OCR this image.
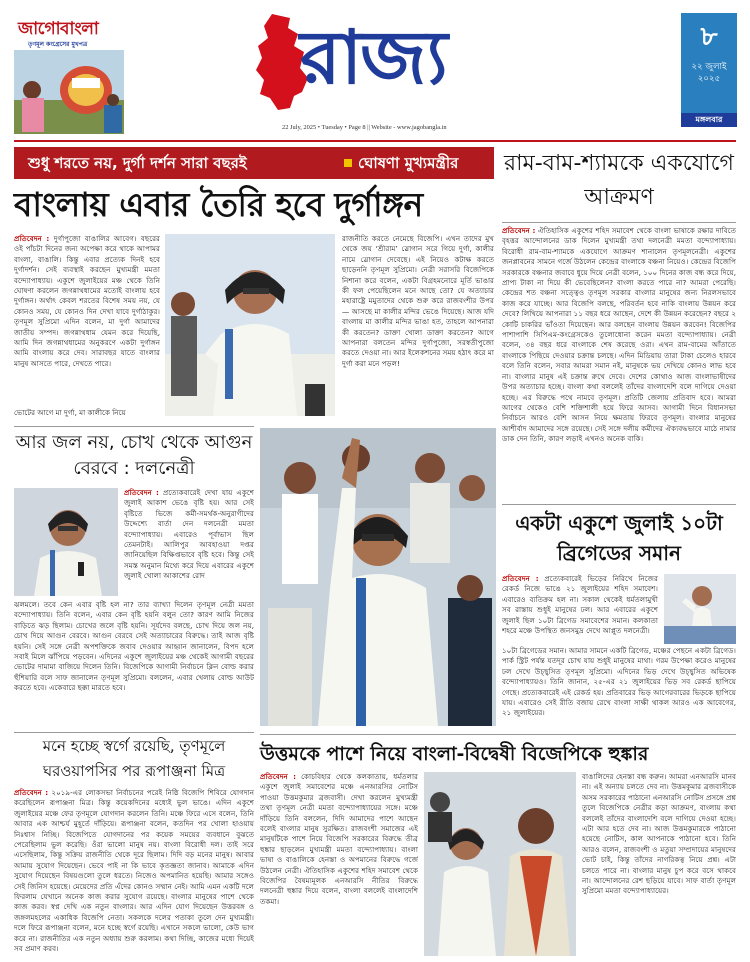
জাগোবাংলা
তৃণমূল কংগ্রেসের মুখপত্র	রাজ্য
22 July, 2025 • Tuesday • Page 8 || Website - www.jagobangla.in
৮
২২ জুলাই ২০২৫
মঙ্গলবার
শুধু শরতে নয়, দুর্গা দর্শন সারা বছরই	ঘোষণা মুখ্যমন্ত্রীর
বাংলায় এবার তৈরি হবে দুর্গাঙ্গন
প্রতিবেদন : দুর্গাপুজো বাঙালির আবেগ। বছরের ওই পাঁচটা দিনের জন্য অপেক্ষা করে থাকে আপামর বাংলা, বাঙালি। কিন্তু এবার প্রত্যেক দিনই হবে দুর্গাদর্শন। সেই ব্যবস্থাই করছেন মুখ্যমন্ত্রী মমতা বন্দ্যোপাধ্যায়। একুশে জুলাইয়ের মঞ্চ থেকে তিনি ঘোষণা করলেন জগন্নাথধামের মতোই বাংলায় হবে দুর্গাঙ্গন। অর্থাৎ কেবল শরতের বিশেষ সময় নয়, যে কোনও সময়, যে কোনও দিন দেখা যাবে দুর্গাঠাকুর। তৃণমূল সুপ্রিমো এদিন বলেন, মা দুর্গা আমাদের জাতীয় সম্পদ। জগন্নাথধাম যেমন করে দিয়েছি, আমি দিন জগন্নাথধামের অনুকরণে একটা দুর্গাঙ্গন আমি বাংলায় করে দেব। সারাবছর যাতে বাংলার মানুষ আসতে পারে, দেখতে পারে।
ভোটের আগে মা দুর্গা, মা কালীকে নিয়ে
রাজনীতি করতে নেমেছে বিজেপি। এখন তাদের মুখ থেকে জয় ‘শ্রীরাম’ স্লোগান সরে গিয়ে দুর্গা, কালীর নামে স্লোগান দেবেছে। এই নিয়েও কটাক্ষ করতে ছাড়েননি তৃণমূল সুপ্রিমো। নেত্রী সরাসরি বিজেপিকে নিশানা করে বলেন, একটা বিগ্রহমনোরে মূর্তি ভাঙার কী ফল পেয়েছিলেন মনে আছে তো? যে অত্যাচার মহারাষ্ট্রে মমুতাদের থেকে শুরু করে রাজবংশীর উপর— আসছে মা কালীর মন্দির ভেঙে দিয়েছে। আজ যদি বাংলায় মা কালীর মন্দির ভাঙা হত, তাহলে আপনারা কী করতেন? ডাক্তা খোলা ডাক্তা করতেন? আগে আপনারা বলতেন মন্দির দুর্গাপুজো, সরস্বতীপুজো করতে দেওয়া না। আর ইলেকশনের সময় হঠাৎ করে মা দুর্গা করা মনে পড়ল!
আর জল নয়, চোখ থেকে আগুন বেরবে : দলনেত্রী
প্রতিবেদন : প্রত্যেকবারেই দেখা যায় একুশে জুলাই আকাশ ভেঙে বৃষ্টি হয়। আর সেই বৃষ্টিতে ভিজে কর্মী-সমর্থক-অনুরাগীদের উদ্দেশ্যে বার্তা দেন দলনেত্রী মমতা বন্দ্যোপাধ্যায়। এবারেও পূর্বাভাস ছিল তেমনটাই। আলিপুর আবহাওয়া দপ্তর জানিয়েছিল বিক্ষিপ্তভাবে বৃষ্টি হবে। কিন্তু সেই সমস্ত অনুমান মিথ্যে করে দিয়ে এবারের একুশে জুলাই খোলা আকাশের রোদ
ঝলমলে। তবে কেন এবার বৃষ্টি হল না? তার ব্যাখ্যা দিলেন তৃণমূল নেত্রী মমতা বন্দ্যোপাধ্যায়। তিনি বলেন, এবার কেন বৃষ্টি হয়নি বলুন তো? কারণ আমি নিজের বাড়িতে ঝড় ছিলাম। চোখের জলে বৃষ্টি হয়নি। সূর্যদেব বলছে, চোখ দিয়ে জল নয়, চোখ দিয়ে আগুন বেরবে। আগুন বেরবে সেই অত্যাচারের বিরুদ্ধে। তাই আজ বৃষ্টি হয়নি। সেই সঙ্গে নেত্রী অপশক্তিকে জবাব দেওয়ার আহ্বান জানালেন, বিপদ হলে সবাই মিলে ঝাঁপিয়ে পড়বেন। এদিনের একুশে জুলাইয়ের মঞ্চ থেকেই আগামী বছরের ভোটের দামামা বাজিয়ে দিলেন তিনি। বিজেপিকে আগামী নির্বাচনে ক্লিন বোল্ড করার হুঁশিয়ারি বলে সাফ জানালেন তৃণমূল সুপ্রিমো। বললেন, এবার খেলায় বোল্ড আউট করতে হবে। একেবারে ছক্কা মারতে হবে।
মনে হচ্ছে স্বর্গে রয়েছি, তৃণমূলে ঘরওয়াপসির পর রূপাঞ্জনা মিত্র
প্রতিবেদন : ২০১৯-এর লোকসভা নির্বাচনের পরেই নিষ্ঠি বিজেপি শিবিরে যোগদান করেছিলেন রূপাঞ্জনা মিত্র। কিন্তু কয়েকদিনের মধ্যেই ভুল ভাঙে। এদিন একুশে জুলাইয়ের মঞ্চে ফের তৃণমূলে যোগদান করলেন তিনি। মঞ্চে ফিরে এসে বলেন, তিনি আবার এক আশ্চর্য মুহূর্তে দাঁড়িয়ে। রূপাঞ্জনা বলেন, কতদিন পর খোলা হাওয়ায় নিঃশ্বাস নিচ্ছি। বিজেপিতে যোগদানের পর কয়েক সময়ের ব্যবধানে বুঝতে পেরেছিলাম ভুল করেছি। ওঁরা ভালো মানুষ নয়। বাংলা বিরোধী দল। তাই সরে এসেছিলাম, কিন্তু সক্রিয় রাজনীতি থেকে দূরে ছিলাম। দিদি বড় মনের মানুষ। আবার আমায় সুযোগ দিয়েছেন। ভেবে পাই না কি ভাবে কৃতজ্ঞতা জানাব। আমাকে এদিন সুযোগ দিয়েছেন বিষয়গুলো তুলে ধরতে। নিজেও অপমানিত হয়েছি। আমার সঙ্গেও সেই জিনিস হয়েছে। মেয়েদের প্রতি এঁদের কোনও সম্মান নেই। আমি এমন একটি দলে ফিরলাম যেখানে অনেক কাজ করার সুযোগ রয়েছে। বাংলার মানুষের পাশে থেকে কাজ করব। স্বপ্ন দেখি এক নতুন বাংলার। আর এদিন যোগ দিয়েছেন উত্তরবঙ্গ ও জঙ্গলমহলের একাধিক বিজেপি নেতা। সকলকে দলের পতাকা তুলে দেন মুখ্যমন্ত্রী। দলে ফিরে রূপাঞ্জনা বলেন, মনে হচ্ছে স্বর্গে রয়েছি। এখানে সকলে ভালো, কেউ ভাগ করে না। রাজনীতির এক নতুন অধ্যায় শুরু করলাম। কথা দিচ্ছি, কাজের মধ্যে দিয়েই সব প্রমাণ করব।
রাম-বাম-শ্যামকে একযোগে আক্রমণ
প্রতিবেদন : ঐতিহাসিক একুশের শহিদ সমাবেশ থেকে বাংলা ভাষাকে রক্ষার দাবিতে বৃহত্তর আন্দোলনের ডাক দিলেন মুখ্যমন্ত্রী তথা দলনেত্রী মমতা বন্দ্যোপাধ্যায়। বিরোধী রাম-বাম-শ্যামকে একযোগে আক্রমণ শানালেন তৃণমূলনেত্রী। একুশের জনপ্লাবনের সামনে গর্জে উঠলেন কেন্দ্রের বাংলাকে বঞ্চনা নিয়েও। কেন্দ্রের বিজেপি সরকারকে বঞ্চনার জবাবে ধুয়ে দিয়ে নেত্রী বলেন, ১০০ দিনের কাজ বন্ধ করে দিয়ে, প্রাপ্য টাকা না দিয়ে কী ভেবেছিলেন? বাংলা করতে পারে না? আমরা পেরেছি। কেন্দ্রের শত বঞ্চনা সত্ত্বেও তৃণমূল সরকার বাংলার মানুষের জন্য নিরলসভাবে কাজ করে যাচ্ছে। আর বিজেপি বলছে, পরিবর্তন হবে নাকি বাংলায় উন্নয়ন করে দেবে? লিখিয়ে আপনারা ১১ বছর ধরে আছেন, দেশে কী উন্নয়ন করেছেন? বছরে ২ কোটি চাকরির ভাঁওতা দিয়েছেন। আর বলছেন বাংলায় উন্নয়ন করবেন! বিজেপির পাশাপাশি সিপিএম-কংগ্রেসকেও তুলোধোনা করেন মমতা বন্দ্যোপাধ্যায়। নেত্রী বলেন, ৩৪ বছর ধরে বাংলাকে শেষ করেছে ওরা। এখন রাম-বামের আঁতাতে বাংলাকে পিছিয়ে দেওয়ার চক্রান্ত চলছে। এদিন মিডিয়ায় তারা টাকা চেলেও হারবে বলে তিনি বলেন, সবার আমরা সমান নই, মানুষকে ভয় দেখিয়ে কোনও লাভ হবে না। বাংলার মানুষ এই চক্রান্ত রুখে দেবে। দেশের কোথাও আজ বাংলাভাষীদের উপর অত্যাচার হচ্ছে। বাংলা কথা বললেই তাঁদের বাংলাদেশি বলে দাগিয়ে দেওয়া হচ্ছে। এর বিরুদ্ধে পথে নামবে তৃণমূল। প্রতিটি জেলায় প্রতিবাদ হবে। আমরা আগের থেকেও বেশি শক্তিশালী হয়ে ফিরে আসব। আগামী দিনে বিধানসভা নির্বাচনে আরও বেশি আসন নিয়ে ক্ষমতায় ফিরবে তৃণমূল। বাংলার মানুষের আশীর্বাদ আমাদের সঙ্গে রয়েছে। সেই সঙ্গে দলীয় কর্মীদের ঐক্যবদ্ধভাবে মাঠে নামার ডাক দেন তিনি, কারণ লড়াই এখনও অনেক বাকি।
একটা একুশে জুলাই ১০টা ব্রিগেডের সমান
প্রতিবেদন : প্রত্যেকবারেই ভিড়ের নিরিখে নিজের রেকর্ড নিজে ভাঙে ২১ জুলাইয়ের শহিদ সমাবেশ। এবারেও ব্যতিক্রম হল না। সকাল থেকেই ধর্মতলামুখী সব রাস্তায় শুধুই মানুষের ঢল। আর এবারের একুশে জুলাই ছিল ১০টা ব্রিগেড সমাবেশের সমান। কলকাতা শহরে মঞ্চে উপস্থিত জনসমুদ্র দেখে আপ্লুত দলনেত্রী।
১০টা ব্রিগেডের সমান। আমার সামনে একটি ব্রিগেড, মঞ্চের পেছনে একটা ব্রিগেড। পার্ক স্ট্রিট পর্যন্ত যতদূর চোখ যায় শুধুই মানুষের মাথা। গরম উপেক্ষা করেও মানুষের ঢল দেখে উচ্ছ্বসিত তৃণমূল সুপ্রিমো। এদিনের ভিড় দেখে উচ্ছ্বসিত অভিষেক বন্দ্যোপাধ্যায়ও। তিনি জানান, ২৫-এর ২১ জুলাইয়ের ভিড় সব রেকর্ড ছাপিয়ে গেছে। প্রত্যেকবারেই এই রেকর্ড হয়। প্রতিবারের ভিড় আগেরবারের ভিড়কে ছাপিয়ে যায়। এবারেও সেই রীতি বজায় রেখে বাংলা সাক্ষী থাকল আরও এক আবেগের, ২১ জুলাইয়ের।
উত্তমকে পাশে নিয়ে বাংলা-বিদ্বেষী বিজেপিকে হুঙ্কার
প্রতিবেদন : কোচবিহার থেকে কলকাতায়, ধর্মতলার একুশে জুলাই সমাবেশের মঞ্চে এনআরসির নোটিস পাওয়া উত্তমকুমার ব্রজবাসী। দেখা করলেন মুখ্যমন্ত্রী তথা তৃণমূল নেত্রী মমতা বন্দ্যোপাধ্যায়ের সঙ্গে। মঞ্চে দাঁড়িয়ে তিনি বললেন, দিদি আমাদের পাশে আছেন বলেই বাংলার মানুষ সুরক্ষিত। রাজবংশী সমাজের এই মানুষটিকে পাশে নিয়ে বিজেপি সরকারের বিরুদ্ধে তীব্র হুঙ্কার ছাড়লেন মুখ্যমন্ত্রী মমতা বন্দ্যোপাধ্যায়। বাংলা ভাষা ও বাঙালিকে হেনস্তা ও অপমানের বিরুদ্ধে গর্জে উঠলেন নেত্রী। ঐতিহাসিক একুশের শহিদ সমাবেশ থেকে বিজেপির বৈষম্যমূলক এনআরসি নীতির বিরুদ্ধে দলনেত্রী হুঙ্কার দিয়ে বলেন, বাংলা বললেই বাংলাদেশি তকমা।
বাঙালিদের হেনস্তা বন্ধ করুন। আমরা এনআরসি মানব না। এই অন্যায় চলতে দেব না। উত্তমকুমার ব্রজবাসীকে অসম সরকারের পাঠানো এনআরসি নোটিস প্রসঙ্গে প্রশ্ন তুলে বিজেপিকে নেত্রীর কড়া আক্রমণ, বাংলায় কথা বললেই তাঁদের বাংলাদেশি বলে দাগিয়ে দেওয়া হচ্ছে। এটা আর হতে দেব না। আজ উত্তমকুমারকে পাঠানো হয়েছে নোটিস, কাল আপনাকে পাঠানো হবে। তিনি আরও বলেন, রাজবংশী ও মতুয়া সম্প্রদায়ের মানুষদের ভোট চাই, কিন্তু তাঁদের নাগরিকত্ব নিয়ে প্রশ্ন। এটা চলতে পারে না। বাংলার মানুষ চুপ করে বসে থাকবে না। আন্দোলনের রেশ ছড়িয়ে যাবে। সাফ বার্তা তৃণমূল সুপ্রিমো মমতা বন্দ্যোপাধ্যায়ের।
